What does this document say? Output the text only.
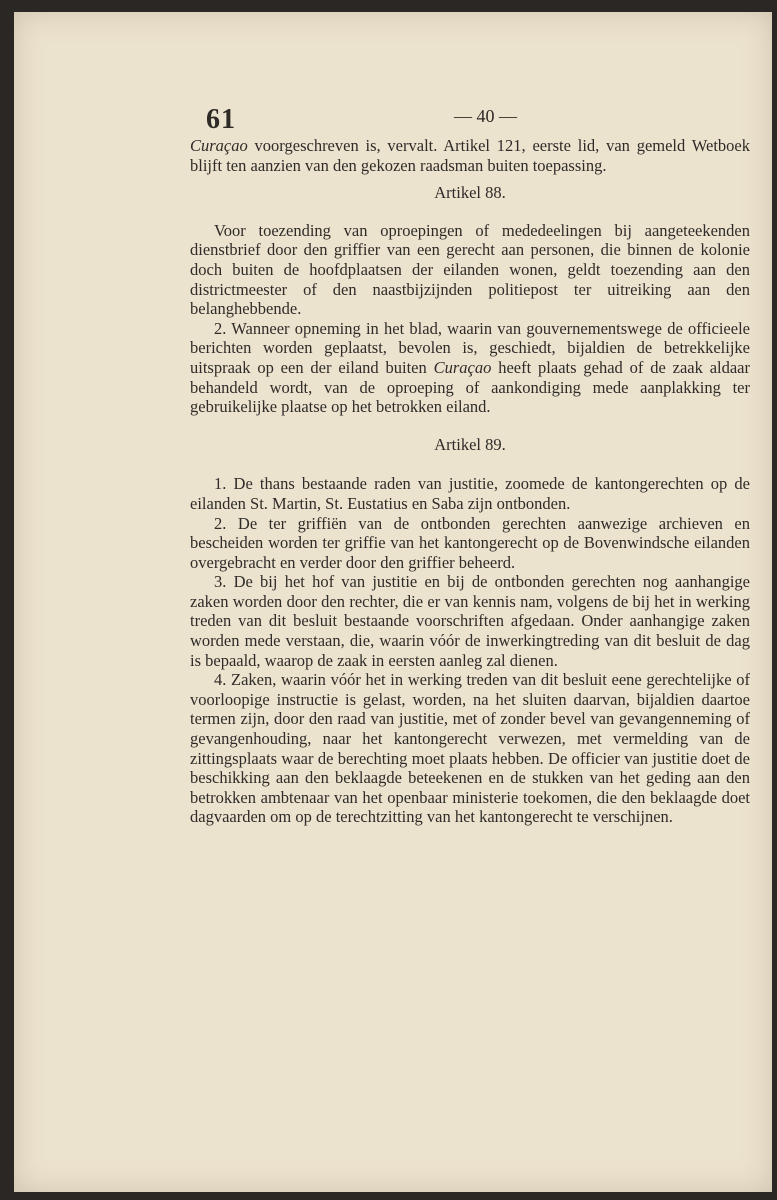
61	— 40 —

Curaçao voorgeschreven is, vervalt. Artikel 121, eerste lid, van gemeld Wetboek blijft ten aanzien van den gekozen raadsman buiten toepassing.

Artikel 88.

Voor toezending van oproepingen of mededeelingen bij aangeteekenden dienstbrief door den griffier van een gerecht aan personen, die binnen de kolonie doch buiten de hoofdplaatsen der eilanden wonen, geldt toezending aan den districtmeester of den naastbijzijnden politiepost ter uitreiking aan den belanghebbende.

2. Wanneer opneming in het blad, waarin van gouvernementswege de officieele berichten worden geplaatst, bevolen is, geschiedt, bijaldien de betrekkelijke uitspraak op een der eiland buiten Curaçao heeft plaats gehad of de zaak aldaar behandeld wordt, van de oproeping of aankondiging mede aanplakking ter gebruikelijke plaatse op het betrokken eiland.

Artikel 89.

1. De thans bestaande raden van justitie, zoomede de kantongerechten op de eilanden St. Martin, St. Eustatius en Saba zijn ontbonden.

2. De ter griffiën van de ontbonden gerechten aanwezige archieven en bescheiden worden ter griffie van het kantongerecht op de Bovenwindsche eilanden overgebracht en verder door den griffier beheerd.

3. De bij het hof van justitie en bij de ontbonden gerechten nog aanhangige zaken worden door den rechter, die er van kennis nam, volgens de bij het in werking treden van dit besluit bestaande voorschriften afgedaan. Onder aanhangige zaken worden mede verstaan, die, waarin vóór de inwerkingtreding van dit besluit de dag is bepaald, waarop de zaak in eersten aanleg zal dienen.

4. Zaken, waarin vóór het in werking treden van dit besluit eene gerechtelijke of voorloopige instructie is gelast, worden, na het sluiten daarvan, bijaldien daartoe termen zijn, door den raad van justitie, met of zonder bevel van gevangenneming of gevangenhouding, naar het kantongerecht verwezen, met vermelding van de zittingsplaats waar de berechting moet plaats hebben. De officier van justitie doet de beschikking aan den beklaagde beteekenen en de stukken van het geding aan den betrokken ambtenaar van het openbaar ministerie toekomen, die den beklaagde doet dagvaarden om op de terechtzitting van het kantongerecht te verschijnen.
